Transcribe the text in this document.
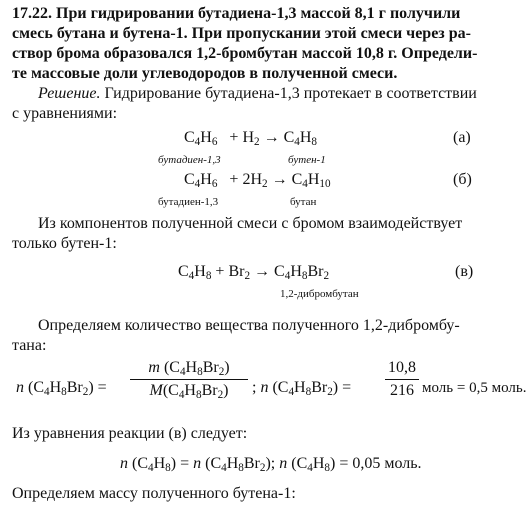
17.22. При гидрировании бутадиена-1,3 массой 8,1 г получили
смесь бутана и бутена-1. При пропускании этой смеси через ра-
створ брома образовался 1,2-бромбутан массой 10,8 г. Определи-
те массовые доли углеводородов в полученной смеси.
Решение. Гидрирование бутадиена-1,3 протекает в соответствии
с уравнениями:
$C_4H_6 + H_2 \to C_4H_8$	(а)
бутадиен-1,3	бутен-1
$C_4H_6 + 2H_2 \to C_4H_{10}$	(б)
бутадиен-1,3	бутан
Из компонентов полученной смеси с бромом взаимодействует
только бутен-1:
$C_4H_8 + Br_2 \to C_4H_8Br_2$	(в)
1,2-дибромбутан
Определяем количество вещества полученного 1,2-дибромбу-
тана:
n $(C_4H_8Br_2)$ =
m $(C_4H_8Br_2)$
$M(C_4H_8Br_2)$	; n $(C_4H_8Br_2)$ =
10,8
216 моль = 0,5 моль.
Из уравнения реакции (в) следует:
n $(C_4H_8) = n$ $(C_4H_8Br_2)$; n $(C_4H_8) = 0,05$ моль.
Определяем массу полученного бутена-1:
